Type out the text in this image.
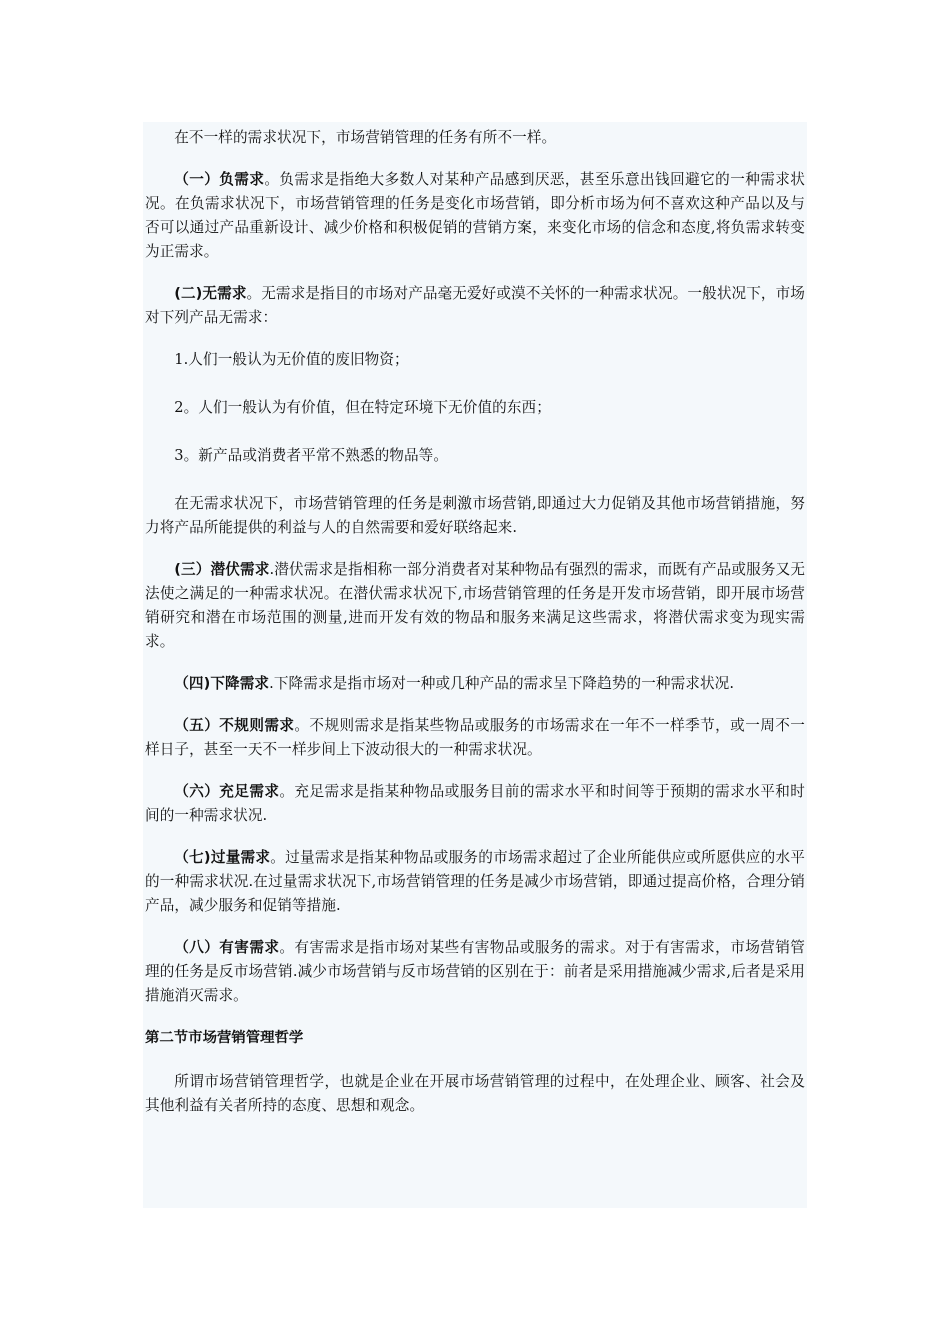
在不一样的需求状况下，市场营销管理的任务有所不一样。

（一）负需求。负需求是指绝大多数人对某种产品感到厌恶，甚至乐意出钱回避它的一种需求状况。在负需求状况下，市场营销管理的任务是变化市场营销，即分析市场为何不喜欢这种产品以及与否可以通过产品重新设计、减少价格和积极促销的营销方案，来变化市场的信念和态度,将负需求转变为正需求。

(二)无需求。无需求是指目的市场对产品毫无爱好或漠不关怀的一种需求状况。一般状况下，市场对下列产品无需求：

1.人们一般认为无价值的废旧物资；

2。人们一般认为有价值，但在特定环境下无价值的东西；

3。新产品或消费者平常不熟悉的物品等。

在无需求状况下，市场营销管理的任务是刺激市场营销,即通过大力促销及其他市场营销措施，努力将产品所能提供的利益与人的自然需要和爱好联络起来.

(三）潜伏需求.潜伏需求是指相称一部分消费者对某种物品有强烈的需求，而既有产品或服务又无法使之满足的一种需求状况。在潜伏需求状况下,市场营销管理的任务是开发市场营销，即开展市场营销研究和潜在市场范围的测量,进而开发有效的物品和服务来满足这些需求，将潜伏需求变为现实需求。

（四)下降需求.下降需求是指市场对一种或几种产品的需求呈下降趋势的一种需求状况.

（五）不规则需求。不规则需求是指某些物品或服务的市场需求在一年不一样季节，或一周不一样日子，甚至一天不一样步间上下波动很大的一种需求状况。

（六）充足需求。充足需求是指某种物品或服务目前的需求水平和时间等于预期的需求水平和时间的一种需求状况.

（七)过量需求。过量需求是指某种物品或服务的市场需求超过了企业所能供应或所愿供应的水平的一种需求状况.在过量需求状况下,市场营销管理的任务是减少市场营销，即通过提高价格，合理分销产品，减少服务和促销等措施.

（八）有害需求。有害需求是指市场对某些有害物品或服务的需求。对于有害需求，市场营销管理的任务是反市场营销.减少市场营销与反市场营销的区别在于：前者是采用措施减少需求,后者是采用措施消灭需求。

第二节市场营销管理哲学

所谓市场营销管理哲学，也就是企业在开展市场营销管理的过程中，在处理企业、顾客、社会及其他利益有关者所持的态度、思想和观念。
